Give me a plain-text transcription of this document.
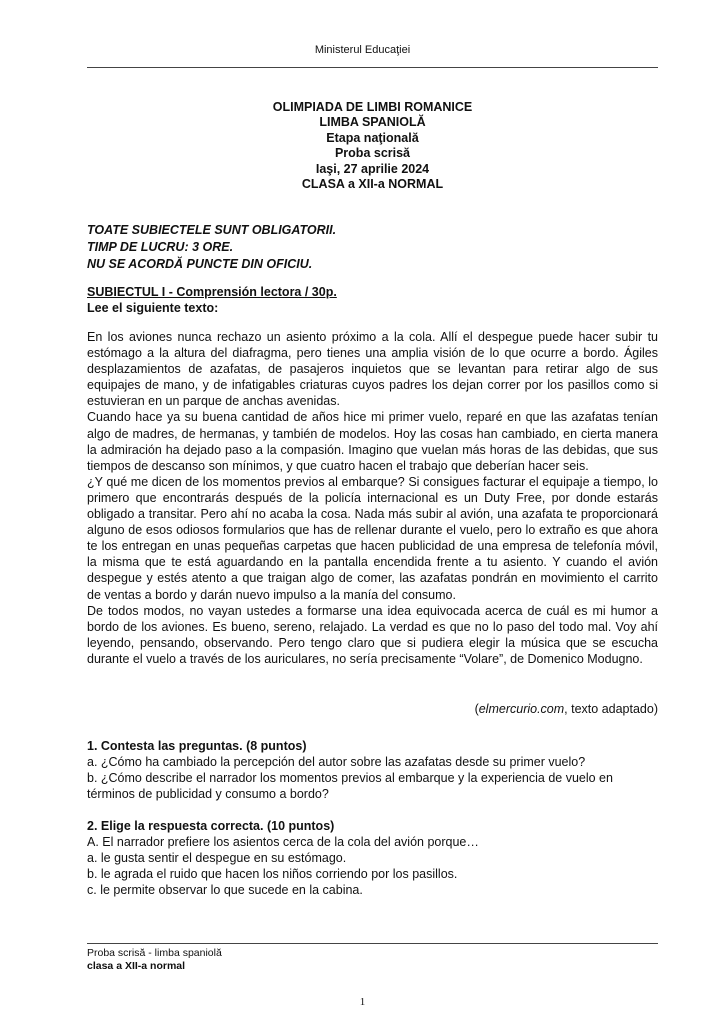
Ministerul Educaţiei
OLIMPIADA DE LIMBI ROMANICE
LIMBA SPANIOLĂ
Etapa naţională
Proba scrisă
Iaşi, 27 aprilie 2024
CLASA a XII-a NORMAL
TOATE SUBIECTELE SUNT OBLIGATORII.
TIMP DE LUCRU: 3 ORE.
NU SE ACORDĂ PUNCTE DIN OFICIU.
SUBIECTUL I - Comprensión lectora / 30p.
Lee el siguiente texto:

En los aviones nunca rechazo un asiento próximo a la cola. Allí el despegue puede hacer subir tu estómago a la altura del diafragma, pero tienes una amplia visión de lo que ocurre a bordo. Ágiles desplazamientos de azafatas, de pasajeros inquietos que se levantan para retirar algo de sus equipajes de mano, y de infatigables criaturas cuyos padres los dejan correr por los pasillos como si estuvieran en un parque de anchas avenidas.

Cuando hace ya su buena cantidad de años hice mi primer vuelo, reparé en que las azafatas tenían algo de madres, de hermanas, y también de modelos. Hoy las cosas han cambiado, en cierta manera la admiración ha dejado paso a la compasión. Imagino que vuelan más horas de las debidas, que sus tiempos de descanso son mínimos, y que cuatro hacen el trabajo que deberían hacer seis.

¿Y qué me dicen de los momentos previos al embarque? Si consigues facturar el equipaje a tiempo, lo primero que encontrarás después de la policía internacional es un Duty Free, por donde estarás obligado a transitar. Pero ahí no acaba la cosa. Nada más subir al avión, una azafata te proporcionará alguno de esos odiosos formularios que has de rellenar durante el vuelo, pero lo extraño es que ahora te los entregan en unas pequeñas carpetas que hacen publicidad de una empresa de telefonía móvil, la misma que te está aguardando en la pantalla encendida frente a tu asiento. Y cuando el avión despegue y estés atento a que traigan algo de comer, las azafatas pondrán en movimiento el carrito de ventas a bordo y darán nuevo impulso a la manía del consumo.

De todos modos, no vayan ustedes a formarse una idea equivocada acerca de cuál es mi humor a bordo de los aviones. Es bueno, sereno, relajado. La verdad es que no lo paso del todo mal. Voy ahí leyendo, pensando, observando. Pero tengo claro que si pudiera elegir la música que se escucha durante el vuelo a través de los auriculares, no sería precisamente “Volare”, de Domenico Modugno.

(elmercurio.com, texto adaptado)
1. Contesta las preguntas. (8 puntos)

a. ¿Cómo ha cambiado la percepción del autor sobre las azafatas desde su primer vuelo?

b. ¿Cómo describe el narrador los momentos previos al embarque y la experiencia de vuelo en términos de publicidad y consumo a bordo?

2. Elige la respuesta correcta. (10 puntos)

A. El narrador prefiere los asientos cerca de la cola del avión porque…

a. le gusta sentir el despegue en su estómago.

b. le agrada el ruido que hacen los niños corriendo por los pasillos.

c. le permite observar lo que sucede en la cabina.

Proba scrisă - limba spaniolă
clasa a XII-a normal
1
